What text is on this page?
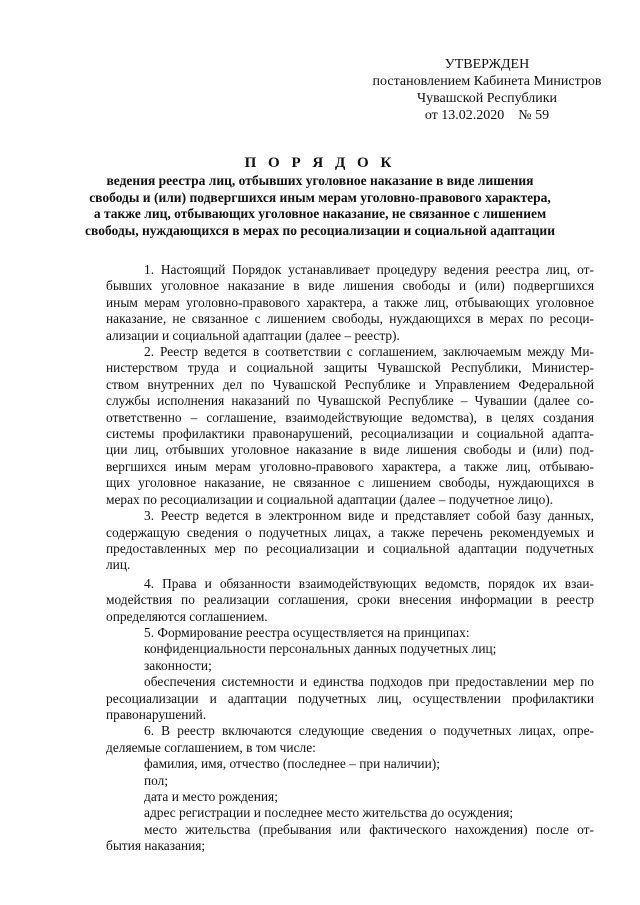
УТВЕРЖДЕН
постановлением Кабинета Министров
Чувашской Республики
от 13.02.2020    № 59
П О Р Я Д О К
ведения реестра лиц, отбывших уголовное наказание в виде лишения
свободы и (или) подвергшихся иным мерам уголовно-правового характера,
а также лиц, отбывающих уголовное наказание, не связанное с лишением
свободы, нуждающихся в мерах по ресоциализации и социальной адаптации
1. Настоящий Порядок устанавливает процедуру ведения реестра лиц, от-
бывших уголовное наказание в виде лишения свободы и (или) подвергшихся
иным мерам уголовно-правового характера, а также лиц, отбывающих уголовное
наказание, не связанное с лишением свободы, нуждающихся в мерах по ресоци-
ализации и социальной адаптации (далее – реестр).
2. Реестр ведется в соответствии с соглашением, заключаемым между Ми-
нистерством труда и социальной защиты Чувашской Республики, Министер-
ством внутренних дел по Чувашской Республике и Управлением Федеральной
службы исполнения наказаний по Чувашской Республике – Чувашии (далее со-
ответственно – соглашение, взаимодействующие ведомства), в целях создания
системы профилактики правонарушений, ресоциализации и социальной адапта-
ции лиц, отбывших уголовное наказание в виде лишения свободы и (или) под-
вергшихся иным мерам уголовно-правового характера, а также лиц, отбываю-
щих уголовное наказание, не связанное с лишением свободы, нуждающихся в
мерах по ресоциализации и социальной адаптации (далее – подучетное лицо).
3. Реестр ведется в электронном виде и представляет собой базу данных,
содержащую сведения о подучетных лицах, а также перечень рекомендуемых и
предоставленных мер по ресоциализации и социальной адаптации подучетных
лиц.
4. Права и обязанности взаимодействующих ведомств, порядок их взаи-
модействия по реализации соглашения, сроки внесения информации в реестр
определяются соглашением.
5. Формирование реестра осуществляется на принципах:
конфиденциальности персональных данных подучетных лиц;
законности;
обеспечения системности и единства подходов при предоставлении мер по
ресоциализации и адаптации подучетных лиц, осуществлении профилактики
правонарушений.
6. В реестр включаются следующие сведения о подучетных лицах, опре-
деляемые соглашением, в том числе:
фамилия, имя, отчество (последнее – при наличии);
пол;
дата и место рождения;
адрес регистрации и последнее место жительства до осуждения;
место жительства (пребывания или фактического нахождения) после от-
бытия наказания;
